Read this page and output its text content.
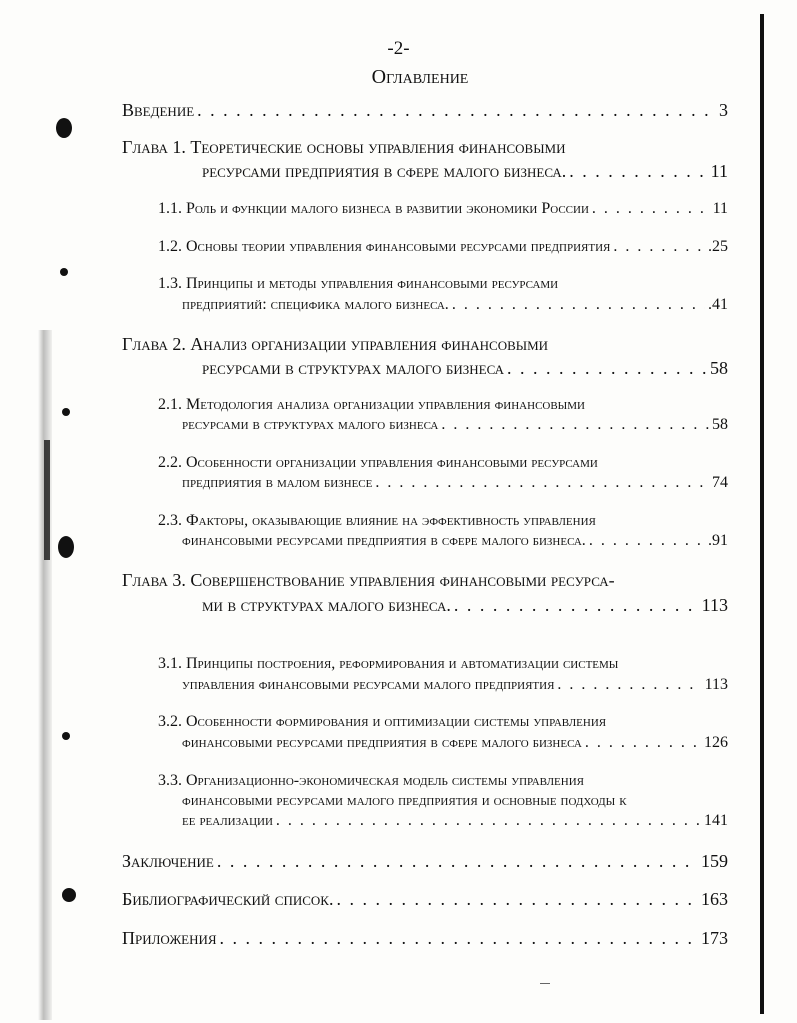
-2-
Оглавление
Введение . . .	3
Глава 1. Теоретические основы управления финансовыми
ресурсами предприятия в сфере малого бизнеса. . . .	11
1.1. Роль и функции малого бизнеса в развитии экономики России . . .	11
1.2. Основы теории управления финансовыми ресурсами предприятия . . .	.25
1.3. Принципы и методы управления финансовыми ресурсами
предприятий: специфика малого бизнеса. . . .	.41
Глава 2. Анализ организации управления финансовыми
ресурсами в структурах малого бизнеса . . .	58
2.1. Методология анализа организации управления финансовыми
ресурсами в структурах малого бизнеса . . .	58
2.2. Особенности организации управления финансовыми ресурсами
предприятия в малом бизнесе . . .	74
2.3. Факторы, оказывающие влияние на эффективность управления
финансовыми ресурсами предприятия в сфере малого бизнеса. . . .	.91
Глава 3. Совершенствование управления финансовыми ресурса-
ми в структурах малого бизнеса. . . .	113
3.1. Принципы построения, реформирования и автоматизации системы
управления финансовыми ресурсами малого предприятия . . .	113
3.2. Особенности формирования и оптимизации системы управления
финансовыми ресурсами предприятия в сфере малого бизнеса . . .	126
3.3. Организационно-экономическая модель системы управления
финансовыми ресурсами малого предприятия и основные подходы к
ее реализации . . .	141
Заключение . . .	159
Библиографический список. . . .	163
Приложения . . .	173
